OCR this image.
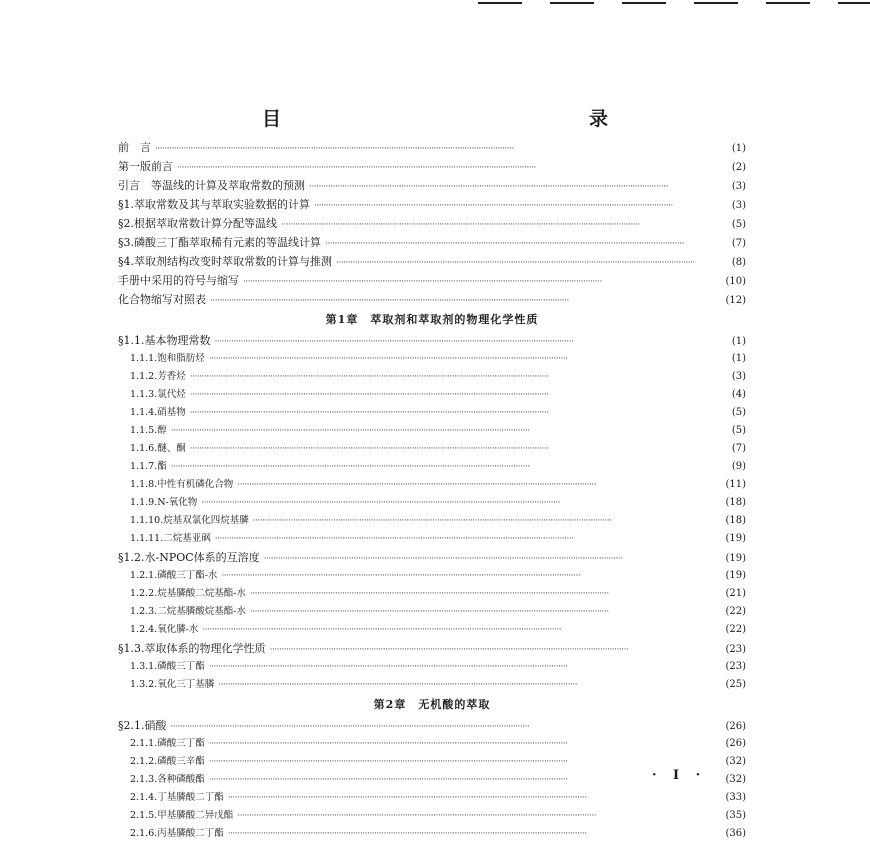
目　　录
前　言 ·····	(1)
第一版前言 ·····	(2)
引言　等温线的计算及萃取常数的预测 ·····	(3)
§1.萃取常数及其与萃取实验数据的计算 ·····	(3)
§2.根据萃取常数计算分配等温线 ·····	(5)
§3.磷酸三丁酯萃取稀有元素的等温线计算 ·····	(7)
§4.萃取剂结构改变时萃取常数的计算与推测 ·····	(8)
手册中采用的符号与缩写 ·····	(10)
化合物缩写对照表 ·····	(12)
第1章　萃取剂和萃取剂的物理化学性质
§1.1.基本物理常数 ·····	(1)
1.1.1.饱和脂肪烃 ·····	(1)
1.1.2.芳香烃 ·····	(3)
1.1.3.氯代烃 ·····	(4)
1.1.4.硝基物 ·····	(5)
1.1.5.醇 ·····	(5)
1.1.6.醚、酮 ·····	(7)
1.1.7.酯 ·····	(9)
1.1.8.中性有机磷化合物 ·····	(11)
1.1.9.N-氧化物 ·····	(18)
1.1.10.烷基双氯化四烷基膦 ·····	(18)
1.1.11.二烷基亚砜 ·····	(19)
§1.2.水-NPOC体系的互溶度 ·····	(19)
1.2.1.磷酸三丁酯-水 ·····	(19)
1.2.2.烷基膦酸二烷基酯-水 ·····	(21)
1.2.3.二烷基膦酸烷基酯-水 ·····	(22)
1.2.4.氧化膦-水 ·····	(22)
§1.3.萃取体系的物理化学性质 ·····	(23)
1.3.1.磷酸三丁酯 ·····	(23)
1.3.2.氧化三丁基膦 ·····	(25)
第2章　无机酸的萃取
§2.1.硝酸 ·····	(26)
2.1.1.磷酸三丁酯 ·····	(26)
2.1.2.磷酸三辛酯 ·····	(32)
2.1.3.各种磷酸酯 ·····	(32)
2.1.4.丁基膦酸二丁酯 ·····	(33)
2.1.5.甲基膦酸二异戊酯 ·····	(35)
2.1.6.丙基膦酸二丁酯 ·····	(36)
· I ·
